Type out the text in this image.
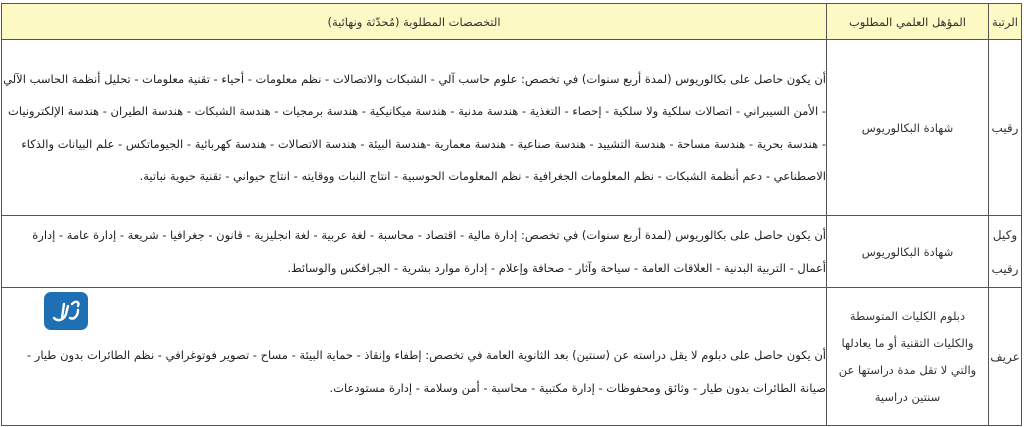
الرتبة	المؤهل العلمي المطلوب	التخصصات المطلوبة (مُحدّثة ونهائية)
رقيب	شهادة البكالوريوس	أن يكون حاصل على بكالوريوس (لمدة أربع سنوات) في تخصص: علوم حاسب آلي - الشبكات والاتصالات - نظم معلومات - أحياء - تقنية معلومات - تحليل أنظمة الحاسب الآلي - الأمن السيبراني - اتصالات سلكية ولا سلكية - إحصاء - التغذية - هندسة مدنية - هندسة ميكانيكية - هندسة برمجيات - هندسة الشبكات - هندسة الطيران - هندسة الإلكترونيات - هندسة بحرية - هندسة مساحة - هندسة التشييد - هندسة صناعية - هندسة معمارية -هندسة البيئة - هندسة الاتصالات - هندسة كهربائية - الجيوماتكس - علم البيانات والذكاء الاصطناعي - دعم أنظمة الشبكات - نظم المعلومات الجغرافية - نظم المعلومات الحوسبية - انتاج النبات ووقايته - انتاج حيواني - تقنية حيوية نباتية.
وكيل رقيب	شهادة البكالوريوس	أن يكون حاصل على بكالوريوس (لمدة أربع سنوات) في تخصص: إدارة مالية - اقتصاد - محاسبة - لغة عربية - لغة انجليزية - قانون - جغرافيا - شريعة - إدارة عامة - إدارة أعمال - التربية البدنية - العلاقات العامة - سياحة وآثار - صحافة وإعلام - إدارة موارد بشرية - الجرافكس والوسائط.
عريف	دبلوم الكليات المتوسطة والكليات التقنية أو ما يعادلها والتي لا تقل مدة دراستها عن سنتين دراسية	أن يكون حاصل على دبلوم لا يقل دراسته عن (سنتين) بعد الثانوية العامة في تخصص: إطفاء وإنقاذ - حماية البيئة - مساح - تصوير فوتوغرافي - نظم الطائرات بدون طيار - صيانة الطائرات بدون طيار - وثائق ومحفوظات - إدارة مكتبية - محاسبة - أمن وسلامة - إدارة مستودعات.
